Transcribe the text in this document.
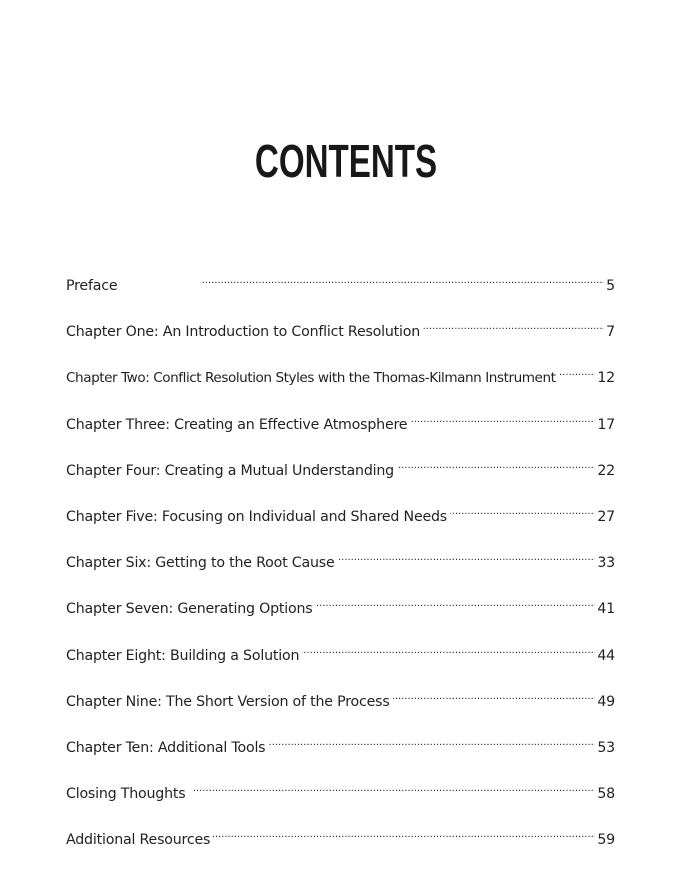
CONTENTS
Preface . . .	5
Chapter One: An Introduction to Conflict Resolution . . .	7
Chapter Two: Conflict Resolution Styles with the Thomas-Kilmann Instrument . . .	12
Chapter Three: Creating an Effective Atmosphere . . .	17
Chapter Four: Creating a Mutual Understanding . . .	22
Chapter Five: Focusing on Individual and Shared Needs . . .	27
Chapter Six: Getting to the Root Cause . . .	33
Chapter Seven: Generating Options . . .	41
Chapter Eight: Building a Solution . . .	44
Chapter Nine: The Short Version of the Process . . .	49
Chapter Ten: Additional Tools . . .	53
Closing Thoughts . . .	58
Additional Resources . . .	59
